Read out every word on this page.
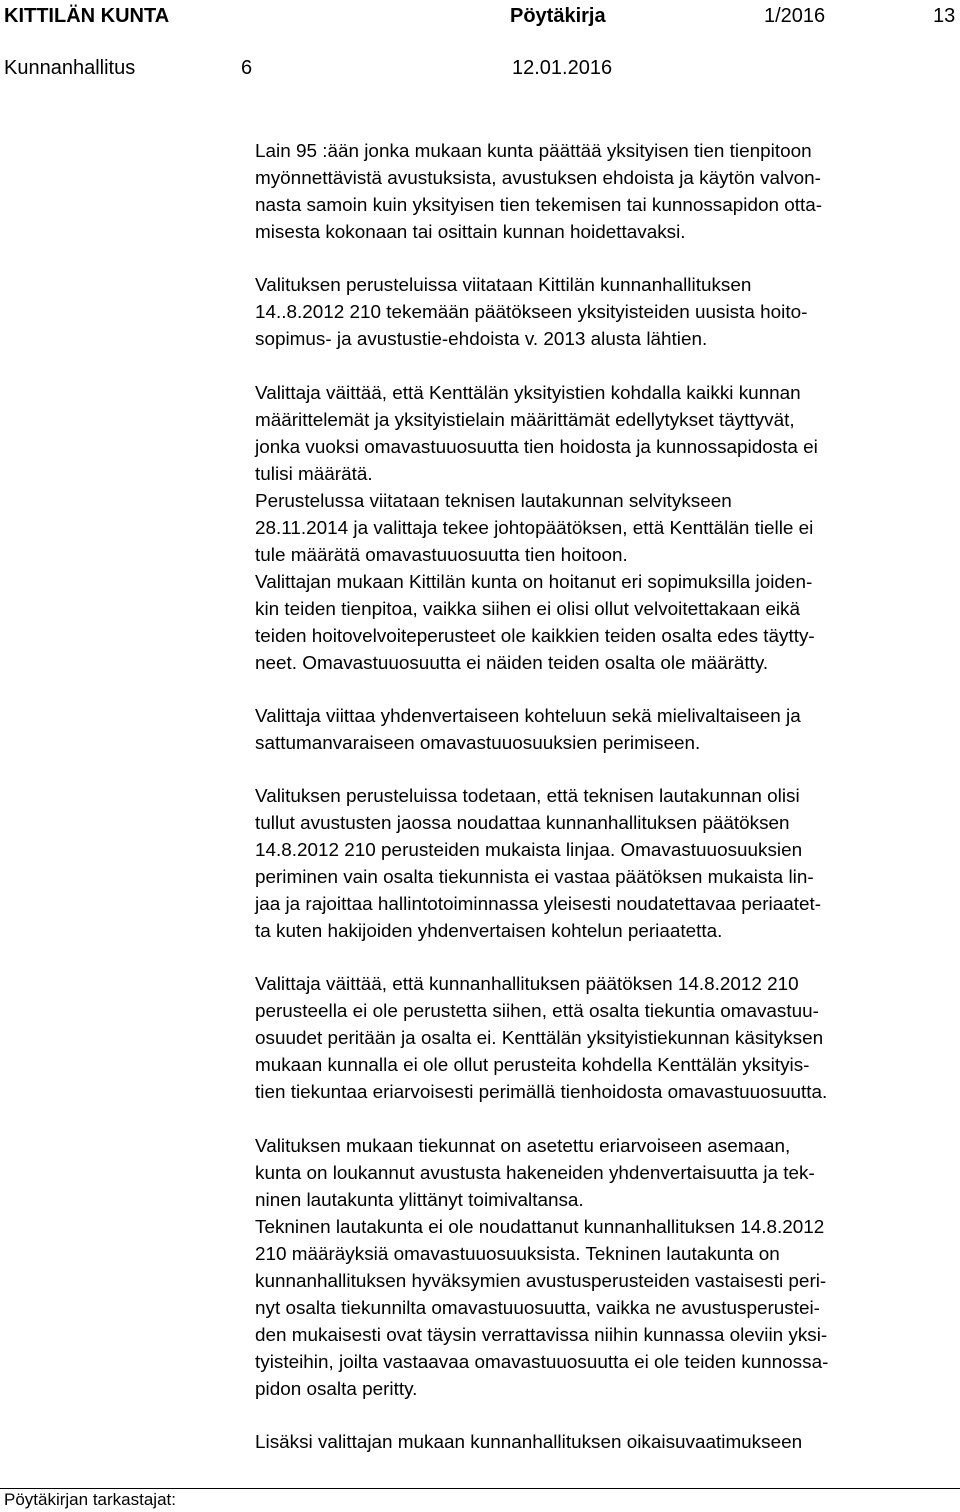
KITTILÄN KUNTA	Pöytäkirja	1/2016	13
Kunnanhallitus	6	12.01.2016
Lain 95 :ään jonka mukaan kunta päättää yksityisen tien tienpitoon
myönnettävistä avustuksista, avustuksen ehdoista ja käytön valvon-
nasta samoin kuin yksityisen tien tekemisen tai kunnossapidon otta-
misesta kokonaan tai osittain kunnan hoidettavaksi.
Valituksen perusteluissa viitataan Kittilän kunnanhallituksen
14..8.2012 210 tekemään päätökseen yksityisteiden uusista hoito-
sopimus- ja avustustie-ehdoista v. 2013 alusta lähtien.
Valittaja väittää, että Kenttälän yksityistien kohdalla kaikki kunnan
määrittelemät ja yksityistielain määrittämät edellytykset täyttyvät,
jonka vuoksi omavastuuosuutta tien hoidosta ja kunnossapidosta ei
tulisi määrätä.
Perustelussa viitataan teknisen lautakunnan selvitykseen
28.11.2014 ja valittaja tekee johtopäätöksen, että Kenttälän tielle ei
tule määrätä omavastuuosuutta tien hoitoon.
Valittajan mukaan Kittilän kunta on hoitanut eri sopimuksilla joiden-
kin teiden tienpitoa, vaikka siihen ei olisi ollut velvoitettakaan eikä
teiden hoitovelvoiteperusteet ole kaikkien teiden osalta edes täytty-
neet. Omavastuuosuutta ei näiden teiden osalta ole määrätty.
Valittaja viittaa yhdenvertaiseen kohteluun sekä mielivaltaiseen ja
sattumanvaraiseen omavastuuosuuksien perimiseen.
Valituksen perusteluissa todetaan, että teknisen lautakunnan olisi
tullut avustusten jaossa noudattaa kunnanhallituksen päätöksen
14.8.2012 210 perusteiden mukaista linjaa. Omavastuuosuuksien
periminen vain osalta tiekunnista ei vastaa päätöksen mukaista lin-
jaa ja rajoittaa hallintotoiminnassa yleisesti noudatettavaa periaatet-
ta kuten hakijoiden yhdenvertaisen kohtelun periaatetta.
Valittaja väittää, että kunnanhallituksen päätöksen 14.8.2012 210
perusteella ei ole perustetta siihen, että osalta tiekuntia omavastuu-
osuudet peritään ja osalta ei. Kenttälän yksityistiekunnan käsityksen
mukaan kunnalla ei ole ollut perusteita kohdella Kenttälän yksityis-
tien tiekuntaa eriarvoisesti perimällä tienhoidosta omavastuuosuutta.
Valituksen mukaan tiekunnat on asetettu eriarvoiseen asemaan,
kunta on loukannut avustusta hakeneiden yhdenvertaisuutta ja tek-
ninen lautakunta ylittänyt toimivaltansa.
Tekninen lautakunta ei ole noudattanut kunnanhallituksen 14.8.2012
210 määräyksiä omavastuuosuuksista. Tekninen lautakunta on
kunnanhallituksen hyväksymien avustusperusteiden vastaisesti peri-
nyt osalta tiekunnilta omavastuuosuutta, vaikka ne avustusperustei-
den mukaisesti ovat täysin verrattavissa niihin kunnassa oleviin yksi-
tyisteihin, joilta vastaavaa omavastuuosuutta ei ole teiden kunnossa-
pidon osalta peritty.
Lisäksi valittajan mukaan kunnanhallituksen oikaisuvaatimukseen
Pöytäkirjan tarkastajat:
